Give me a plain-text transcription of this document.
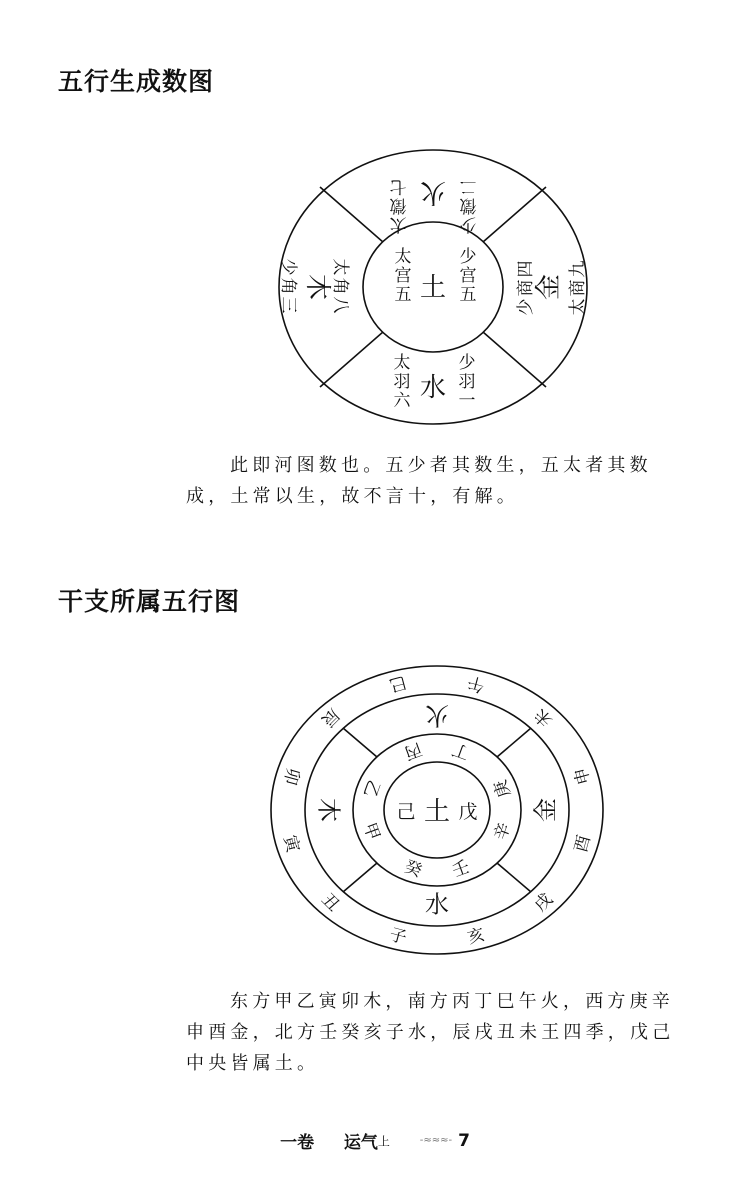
五行生成数图
土
太宫五
少宫五
火
少徵二
太徵七
水
太羽六
少羽一
木
太角八
少角三	金
少商四 太商九

此即河图数也。五少者其数生，五太者其数成，土常以生，故不言十，有解。

干支所属五行图
午
未
申
酉
戌
亥
子
丑
寅
卯
辰
巳
火
金
水
木
丙 丁
庚
辛
癸 壬
乙
甲
己 土 戊

东方甲乙寅卯木，南方丙丁巳午火，西方庚辛申酉金，北方壬癸亥子水，辰戌丑未王四季，戊己中央皆属土。

一卷 运气上	-≈≈≈- 7
